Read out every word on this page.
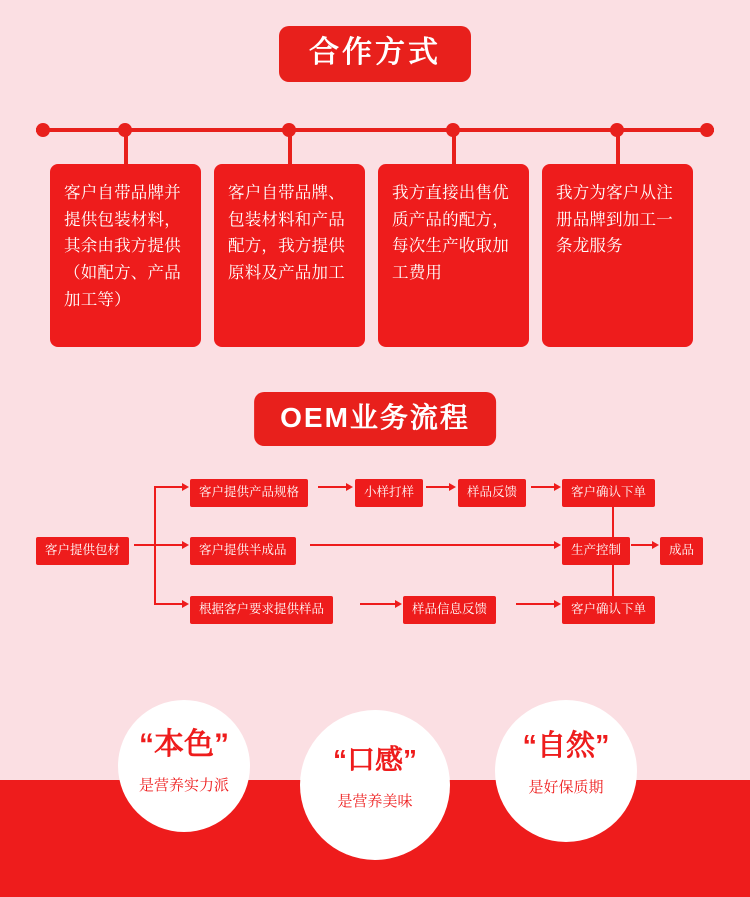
合作方式
客户自带品牌并提供包装材料，其余由我方提供（如配方、产品加工等）
客户自带品牌、包装材料和产品配方，我方提供原料及产品加工
我方直接出售优质产品的配方，每次生产收取加工费用
我方为客户从注册品牌到加工一条龙服务
OEM业务流程
客户提供包材
客户提供产品规格	小样打样	样品反馈	客户确认下单
客户提供半成品	生产控制	成品
根据客户要求提供样品	样品信息反馈	客户确认下单
“本色”
是营养实力派
“口感”
是营养美味
“自然”
是好保质期
